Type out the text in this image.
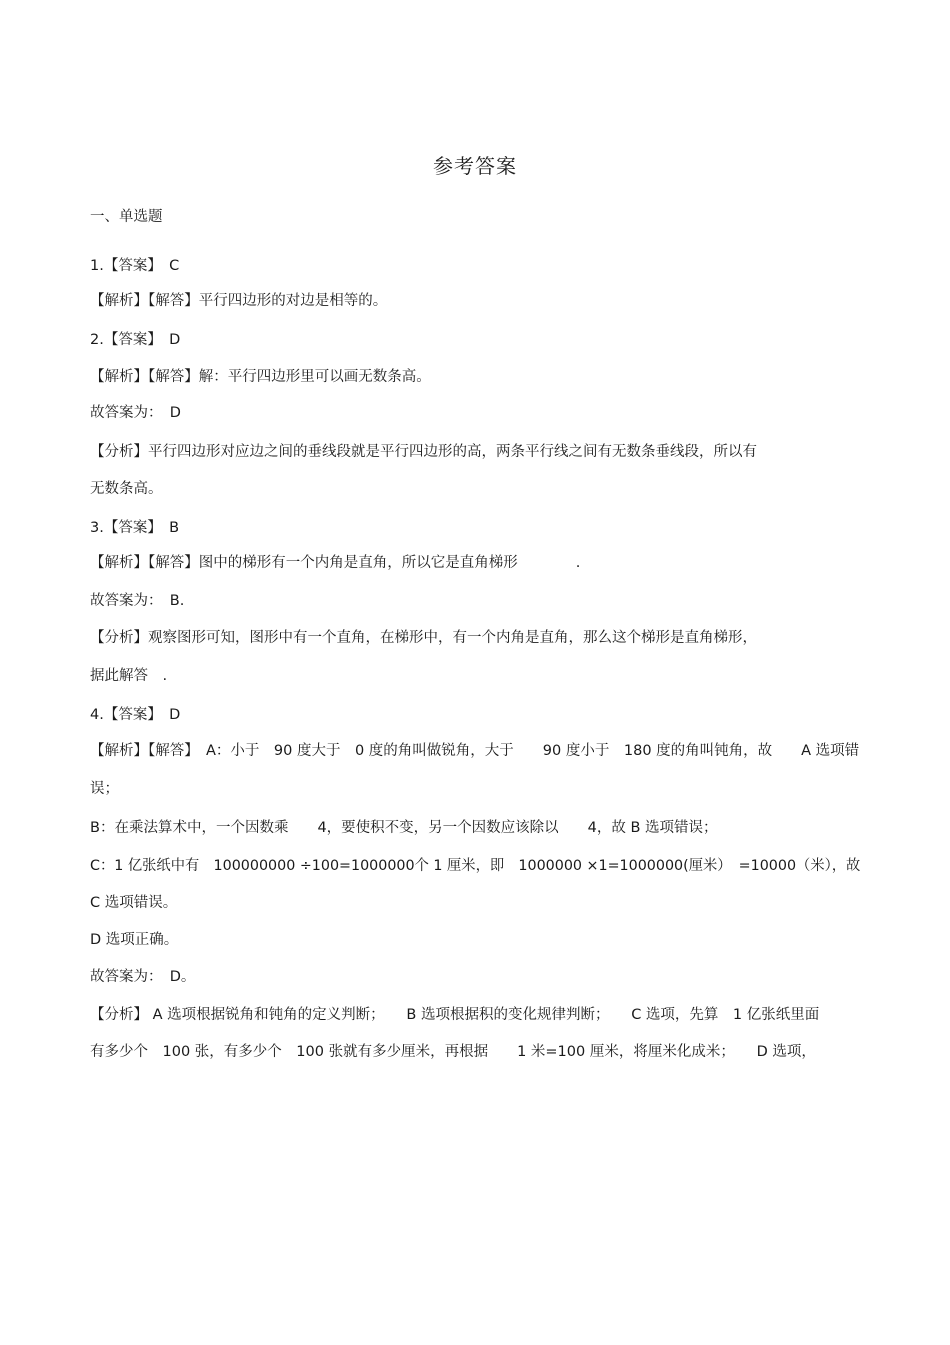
参考答案
一、单选题
1.【答案】　C
【解析】【解答】平行四边形的对边是相等的。
2.【答案】　D
【解析】【解答】解：平行四边形里可以画无数条高。
故答案为：　D
【分析】平行四边形对应边之间的垂线段就是平行四边形的高，两条平行线之间有无数条垂线段，所以有
无数条高。
3.【答案】　B
【解析】【解答】图中的梯形有一个内角是直角，所以它是直角梯形　　　　.
故答案为：　B.
【分析】观察图形可知，图形中有一个直角，在梯形中，有一个内角是直角，那么这个梯形是直角梯形，
据此解答　.
4.【答案】　D
【解析】【解答】　A：小于　90 度大于　0 度的角叫做锐角，大于　　90 度小于　180 度的角叫钝角，故　　A 选项错
误；
B：在乘法算术中，一个因数乘　　4，要使积不变，另一个因数应该除以　　4，故 B 选项错误；
C：1 亿张纸中有　100000000 ÷100=1000000个 1 厘米，即　1000000 ×1=1000000(厘米）　=10000（米），故
C 选项错误。
D 选项正确。
故答案为：　D。
【分析】 A 选项根据锐角和钝角的定义判断；　　B 选项根据积的变化规律判断；　　C 选项，先算　1 亿张纸里面
有多少个　100 张，有多少个　100 张就有多少厘米，再根据　　1 米=100 厘米，将厘米化成米；　　D 选项，
